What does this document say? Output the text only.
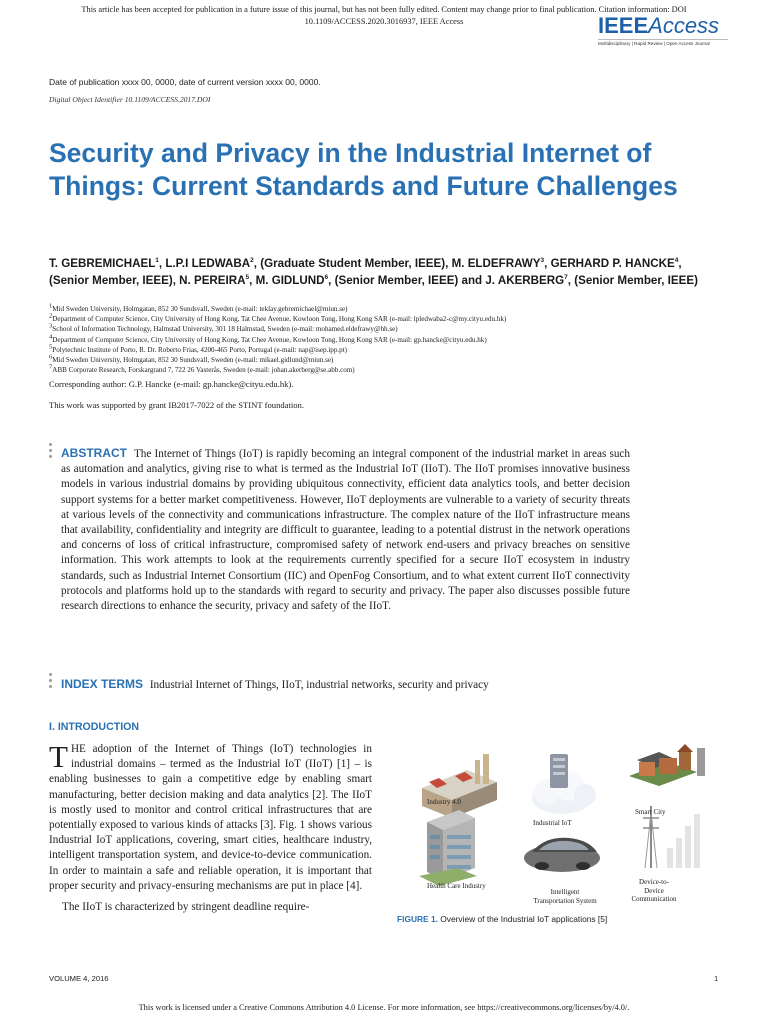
This article has been accepted for publication in a future issue of this journal, but has not been fully edited. Content may change prior to final publication. Citation information: DOI
10.1109/ACCESS.2020.3016937, IEEE Access	IEEEAccess
Multidisciplinary | Rapid Review | Open Access Journal
Date of publication xxxx 00, 0000, date of current version xxxx 00, 0000.
Digital Object Identifier 10.1109/ACCESS.2017.DOI
Security and Privacy in the Industrial Internet of Things: Current Standards and Future Challenges
T. GEBREMICHAEL$^1$, L.P.I LEDWABA$^2$, (Graduate Student Member, IEEE), M. ELDEFRAWY$^3$, GERHARD P. HANCKE$^4$, (Senior Member, IEEE), N. PEREIRA$^5$, M. GIDLUND$^6$, (Senior Member, IEEE) and J. AKERBERG$^7$, (Senior Member, IEEE)
$^1$Mid Sweden University, Holmgatan, 852 30 Sundsvall, Sweden (e-mail: teklay.gebremichael@miun.se)
$^2$Department of Computer Science, City University of Hong Kong, Tat Chee Avenue, Kowloon Tong, Hong Kong SAR (e-mail: lpledwaba2-c@my.cityu.edu.hk)
$^3$School of Information Technology, Halmstad University, 301 18 Halmstad, Sweden (e-mail: mohamed.eldefrawy@hh.se)
$^4$Department of Computer Science, City University of Hong Kong, Tat Chee Avenue, Kowloon Tong, Hong Kong SAR (e-mail: gp.hancke@cityu.edu.hk)
$^5$Polytechnic Institute of Porto, R. Dr. Roberto Frias, 4200-465 Porto, Portugal (e-mail: nap@isep.ipp.pt)
$^6$Mid Sweden University, Holmgatan, 852 30 Sundsvall, Sweden (e-mail: mikael.gidlund@miun.se)
$^7$ABB Corporate Research, Forskargrand 7, 722 26 Vasterås, Sweden (e-mail: johan.akerberg@se.abb.com)
Corresponding author: G.P. Hancke (e-mail: gp.hancke@cityu.edu.hk).
This work was supported by grant IB2017-7022 of the STINT foundation.
ABSTRACT The Internet of Things (IoT) is rapidly becoming an integral component of the industrial market in areas such as automation and analytics, giving rise to what is termed as the Industrial IoT (IIoT). The IIoT promises innovative business models in various industrial domains by providing ubiquitous connectivity, efficient data analytics tools, and better decision support systems for a better market competitiveness. However, IIoT deployments are vulnerable to a variety of security threats at various levels of the connectivity and communications infrastructure. The complex nature of the IIoT infrastructure means that availability, confidentiality and integrity are difficult to guarantee, leading to a potential distrust in the network operations and concerns of loss of critical infrastructure, compromised safety of network end-users and privacy breaches on sensitive information. This work attempts to look at the requirements currently specified for a secure IIoT ecosystem in industry standards, such as Industrial Internet Consortium (IIC) and OpenFog Consortium, and to what extent current IIoT connectivity protocols and platforms hold up to the standards with regard to security and privacy. The paper also discusses possible future research directions to enhance the security, privacy and safety of the IIoT.
INDEX TERMS Industrial Internet of Things, IIoT, industrial networks, security and privacy
I. INTRODUCTION
THE adoption of the Internet of Things (IoT) technologies in industrial domains – termed as the Industrial IoT (IIoT) [1] – is enabling businesses to gain a competitive edge by enabling smart manufacturing, better decision making and data analytics [2]. The IIoT is mostly used to monitor and control critical infrastructures that are potentially exposed to various kinds of attacks [3]. Fig. 1 shows various Industrial IoT applications, covering, smart cities, healthcare industry, intelligent transportation system, and device-to-device communication. In order to maintain a safe and reliable operation, it is important that proper security and privacy-ensuring mechanisms are put in place [4].
The IIoT is characterized by stringent deadline require-
Industry 4.0
Industrial IoT
Smart City
Health Care Industry
Intelligent
Transportation System
Device-to-
Device
Communication
FIGURE 1. Overview of the Industrial IoT applications [5]
VOLUME 4, 2016	1
This work is licensed under a Creative Commons Attribution 4.0 License. For more information, see https://creativecommons.org/licenses/by/4.0/.
